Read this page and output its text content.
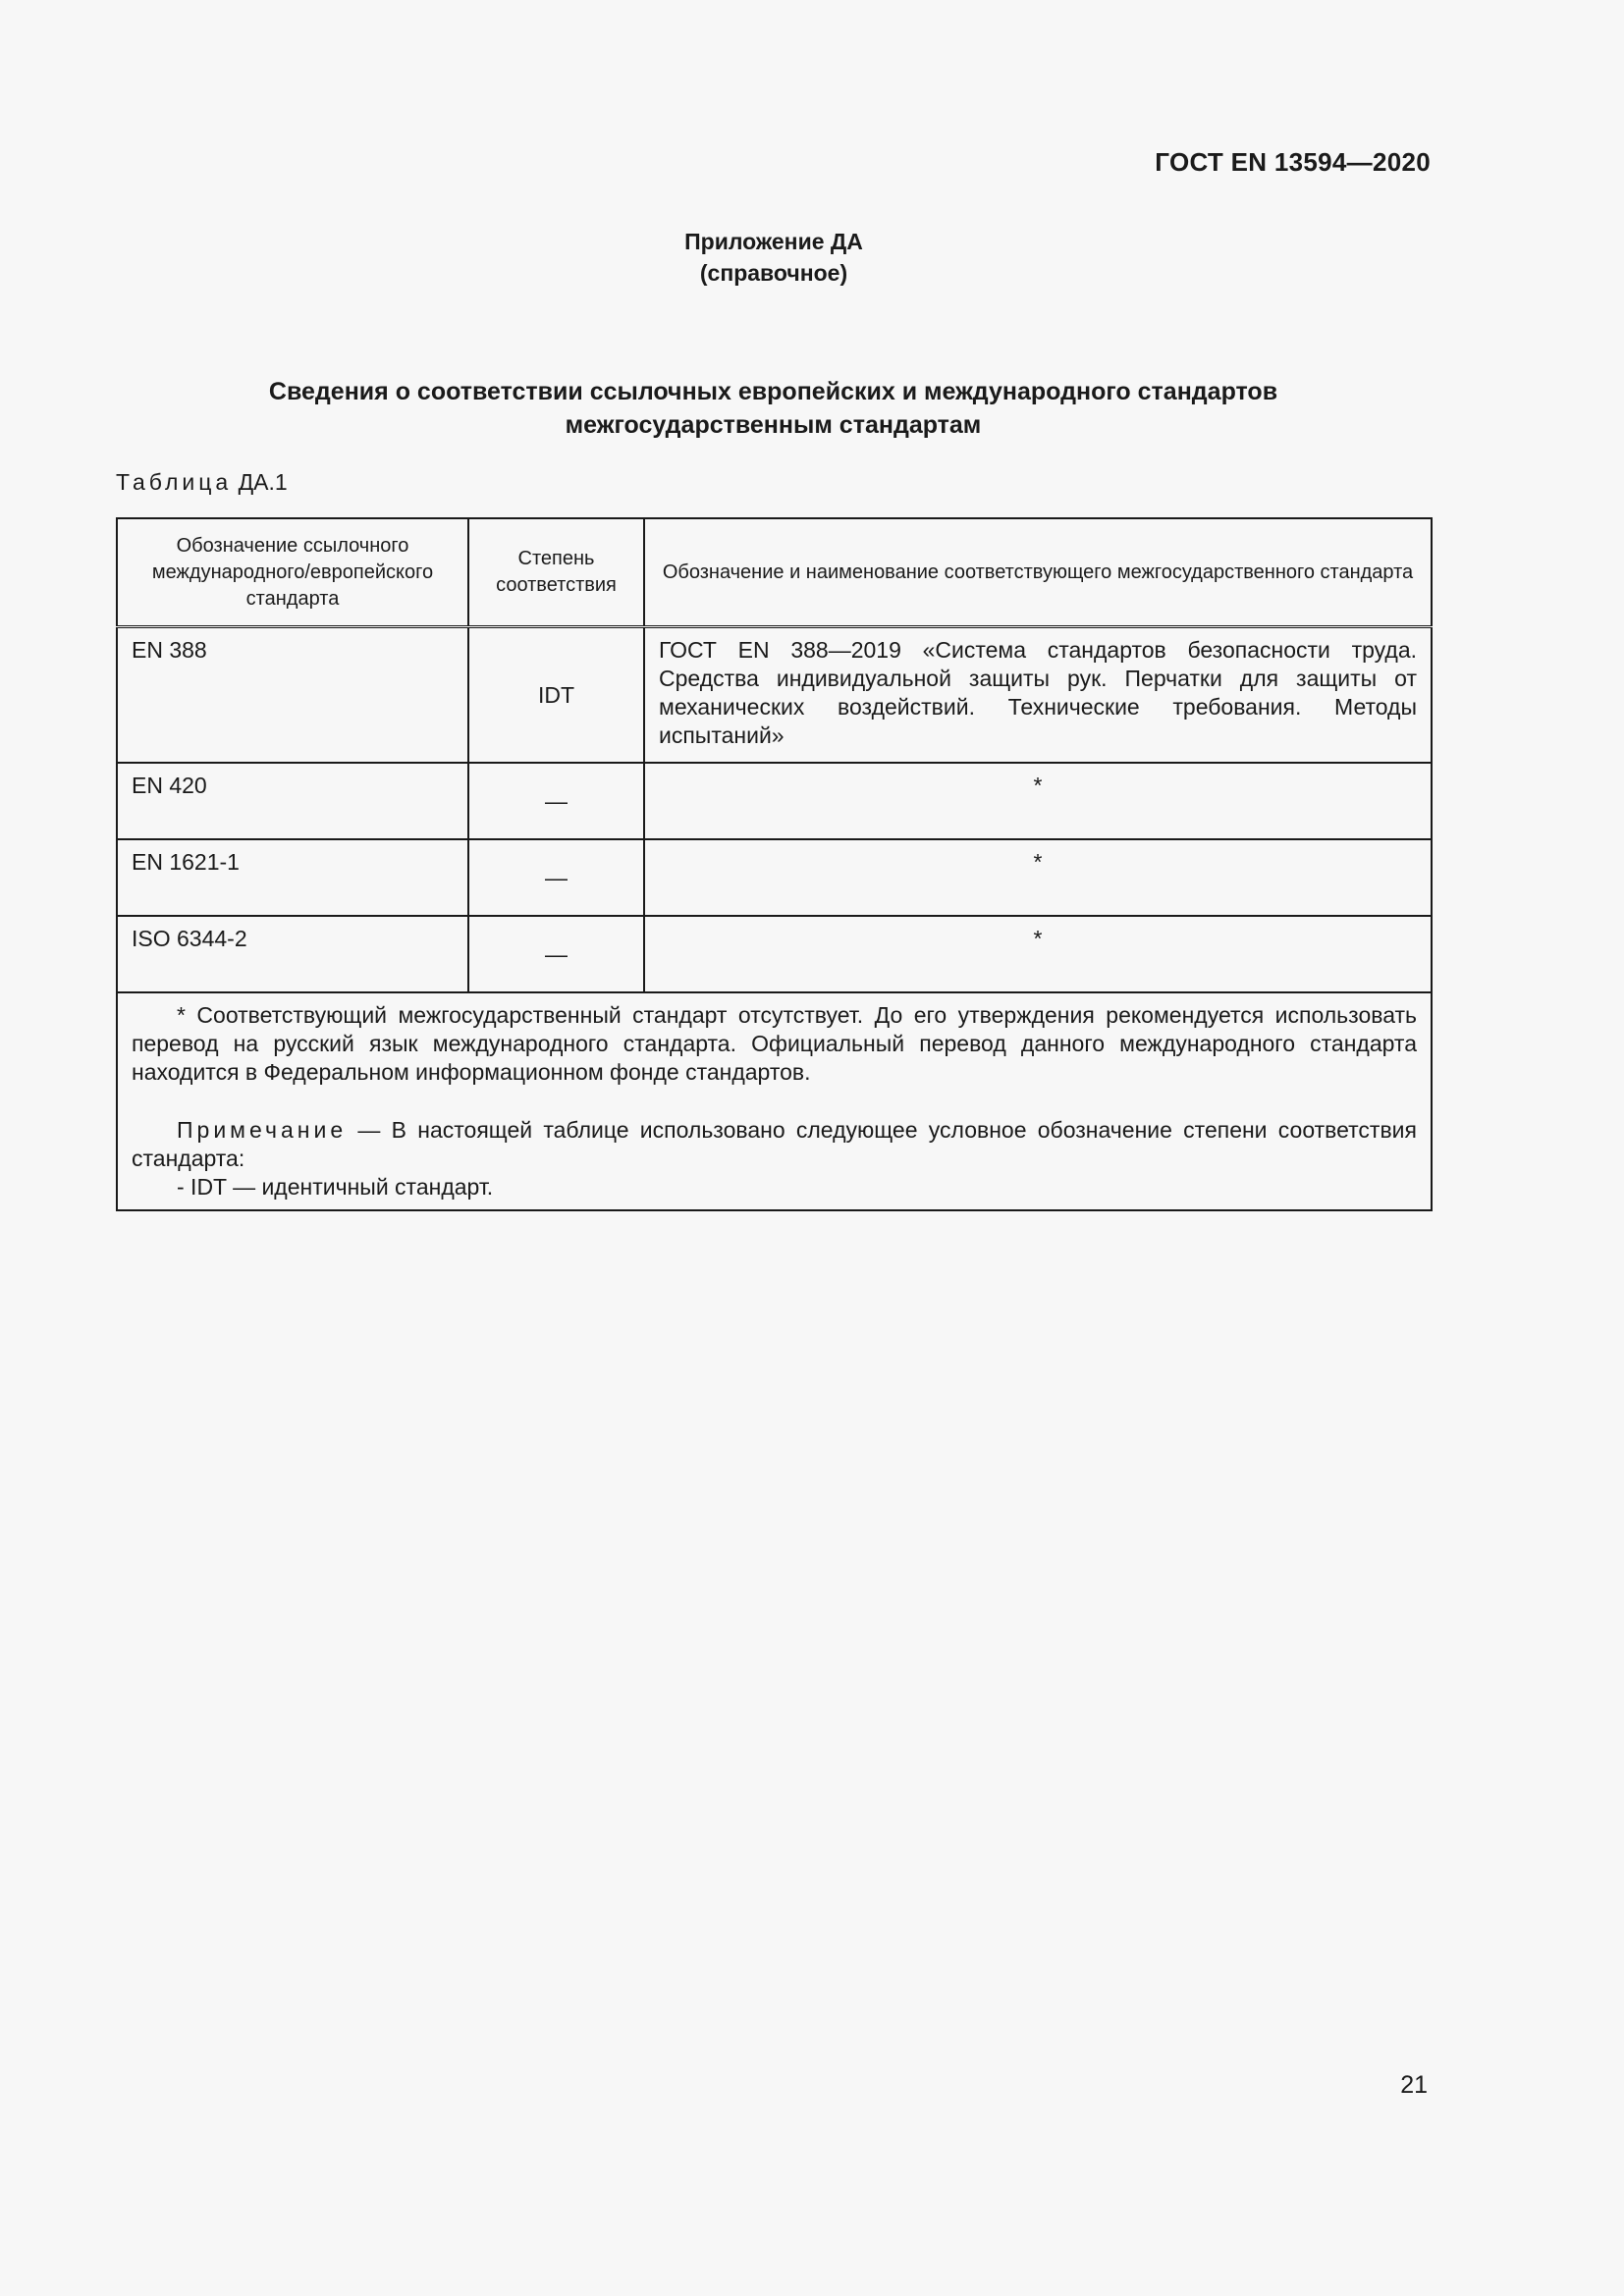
ГОСТ EN 13594—2020
Приложение ДА
(справочное)
Сведения о соответствии ссылочных европейских и международного стандартов
межгосударственным стандартам
Таблица ДА.1
Обозначение ссылочного международного/европейского стандарта	Степень соответствия	Обозначение и наименование соответствующего межгосударственного стандарта
EN 388	IDT	ГОСТ EN 388—2019 «Система стандартов безопасности труда. Средства индивидуальной защиты рук. Перчатки для защиты от механических воздействий. Технические требования. Методы испытаний»
EN 420	—	*
EN 1621-1	—	*
ISO 6344-2	—	*

* Соответствующий межгосударственный стандарт отсутствует. До его утверждения рекомендуется использовать перевод на русский язык международного стандарта. Официальный перевод данного международного стандарта находится в Федеральном информационном фонде стандартов.

Примечание — В настоящей таблице использовано следующее условное обозначение степени соответствия стандарта:

- IDT — идентичный стандарт.		

21
